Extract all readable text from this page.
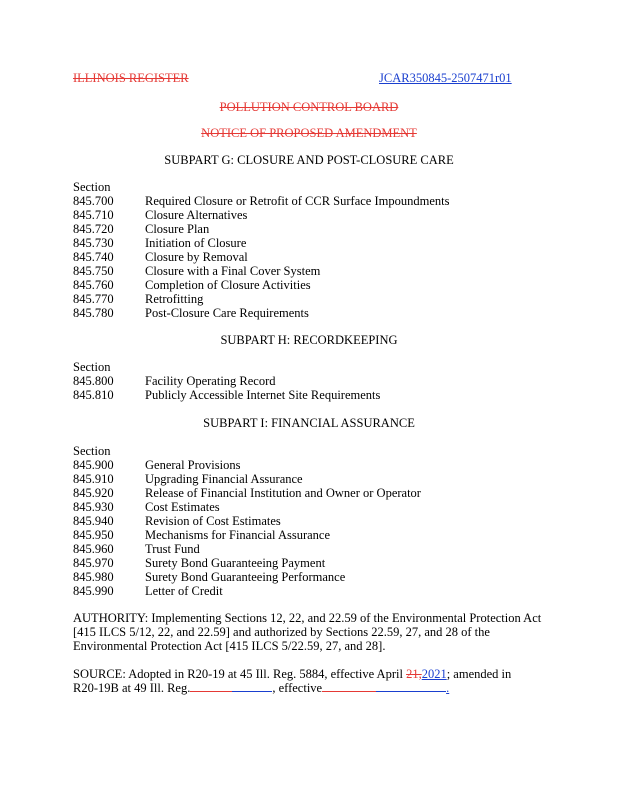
ILLINOIS REGISTER	JCAR350845-2507471r01
POLLUTION CONTROL BOARD
NOTICE OF PROPOSED AMENDMENT
SUBPART G: CLOSURE AND POST-CLOSURE CARE
Section
845.700	Required Closure or Retrofit of CCR Surface Impoundments
845.710	Closure Alternatives
845.720	Closure Plan
845.730	Initiation of Closure
845.740	Closure by Removal
845.750	Closure with a Final Cover System
845.760	Completion of Closure Activities
845.770	Retrofitting
845.780	Post-Closure Care Requirements
SUBPART H: RECORDKEEPING
Section
845.800	Facility Operating Record
845.810	Publicly Accessible Internet Site Requirements
SUBPART I: FINANCIAL ASSURANCE
Section
845.900	General Provisions
845.910	Upgrading Financial Assurance
845.920	Release of Financial Institution and Owner or Operator
845.930	Cost Estimates
845.940	Revision of Cost Estimates
845.950	Mechanisms for Financial Assurance
845.960	Trust Fund
845.970	Surety Bond Guaranteeing Payment
845.980	Surety Bond Guaranteeing Performance
845.990	Letter of Credit
AUTHORITY: Implementing Sections 12, 22, and 22.59 of the Environmental Protection Act
[415 ILCS 5/12, 22, and 22.59] and authorized by Sections 22.59, 27, and 28 of the
Environmental Protection Act [415 ILCS 5/22.59, 27, and 28].
SOURCE: Adopted in R20-19 at 45 Ill. Reg. 5884, effective April 21,2021; amended in
R20-19B at 49 Ill. Reg.	, effective	.
